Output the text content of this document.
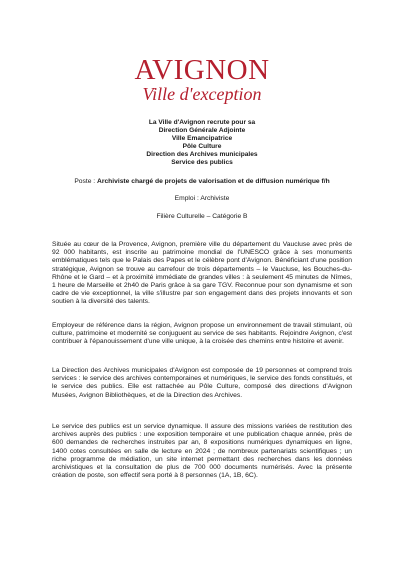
AVIGNON
Ville d'exception
La Ville d'Avignon recrute pour sa
Direction Générale Adjointe
Ville Emancipatrice
Pôle Culture
Direction des Archives municipales
Service des publics
Poste : Archiviste chargé de projets de valorisation et de diffusion numérique f/h
Emploi : Archiviste
Filière Culturelle – Catégorie B

Située au cœur de la Provence, Avignon, première ville du département du Vaucluse avec près de 92 000 habitants, est inscrite au patrimoine mondial de l'UNESCO grâce à ses monuments emblématiques tels que le Palais des Papes et le célèbre pont d'Avignon. Bénéficiant d'une position stratégique, Avignon se trouve au carrefour de trois départements – le Vaucluse, les Bouches-du-Rhône et le Gard – et à proximité immédiate de grandes villes : à seulement 45 minutes de Nîmes, 1 heure de Marseille et 2h40 de Paris grâce à sa gare TGV. Reconnue pour son dynamisme et son cadre de vie exceptionnel, la ville s'illustre par son engagement dans des projets innovants et son soutien à la diversité des talents.

Employeur de référence dans la région, Avignon propose un environnement de travail stimulant, où culture, patrimoine et modernité se conjuguent au service de ses habitants. Rejoindre Avignon, c'est contribuer à l'épanouissement d'une ville unique, à la croisée des chemins entre histoire et avenir.

La Direction des Archives municipales d'Avignon est composée de 19 personnes et comprend trois services : le service des archives contemporaines et numériques, le service des fonds constitués, et le service des publics. Elle est rattachée au Pôle Culture, composé des directions d'Avignon Musées, Avignon Bibliothèques, et de la Direction des Archives.

Le service des publics est un service dynamique. Il assure des missions variées de restitution des archives auprès des publics : une exposition temporaire et une publication chaque année, près de 600 demandes de recherches instruites par an, 8 expositions numériques dynamiques en ligne, 1400 cotes consultées en salle de lecture en 2024 ; de nombreux partenariats scientifiques ; un riche programme de médiation, un site internet permettant des recherches dans les données archivistiques et la consultation de plus de 700 000 documents numérisés. Avec la présente création de poste, son effectif sera porté à 8 personnes (1A, 1B, 6C).
